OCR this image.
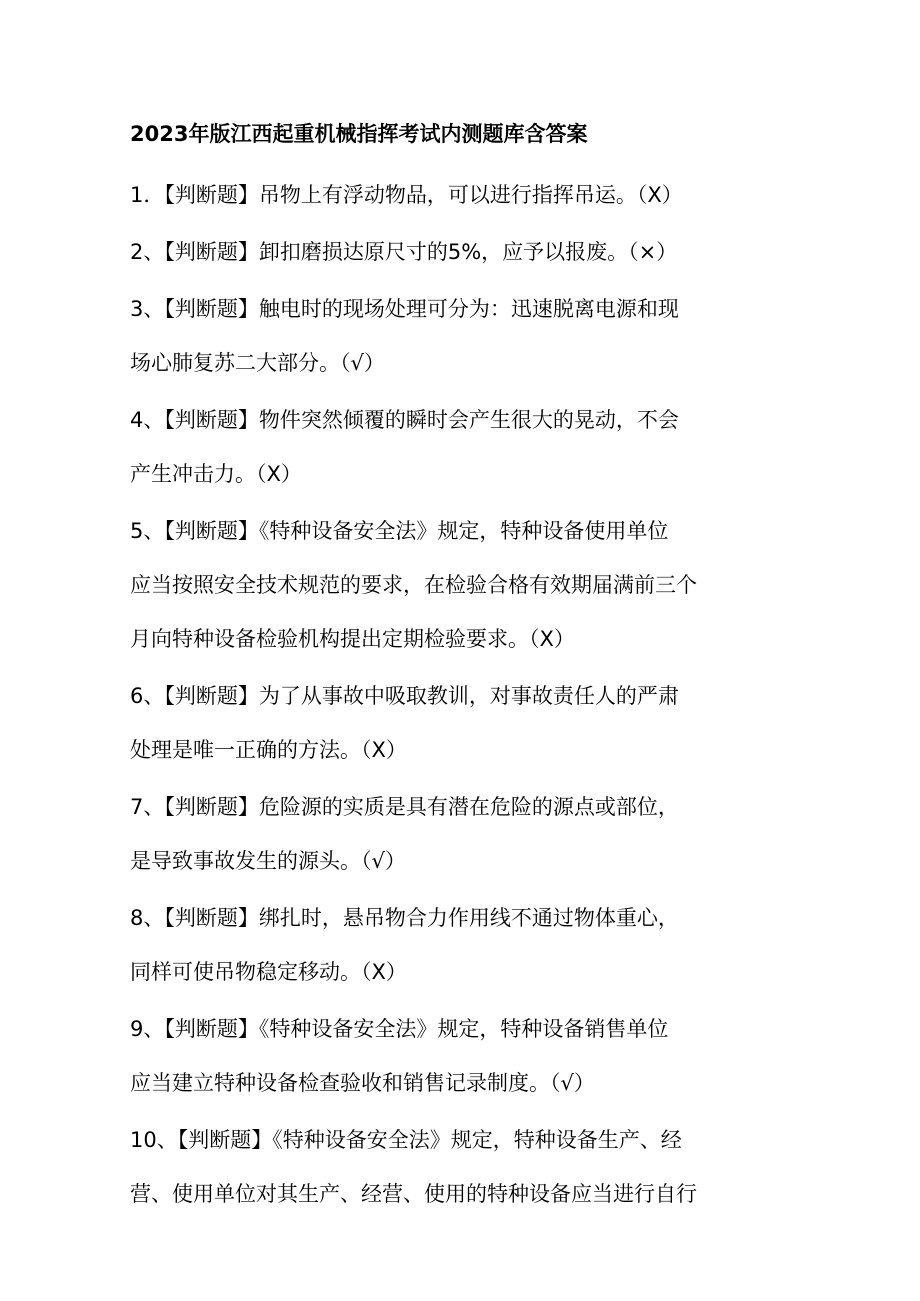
2023年版江西起重机械指挥考试内测题库含答案

1．【判断题】吊物上有浮动物品，可以进行指挥吊运。（X）

2、【判断题】卸扣磨损达原尺寸的5%，应予以报废。（×）

3、【判断题】触电时的现场处理可分为：迅速脱离电源和现
场心肺复苏二大部分。（√）

4、【判断题】物件突然倾覆的瞬时会产生很大的晃动，不会
产生冲击力。（X）

5、【判断题】《特种设备安全法》规定，特种设备使用单位
应当按照安全技术规范的要求，在检验合格有效期届满前三个
月向特种设备检验机构提出定期检验要求。（X）

6、【判断题】为了从事故中吸取教训，对事故责任人的严肃
处理是唯一正确的方法。（X）

7、【判断题】危险源的实质是具有潜在危险的源点或部位，
是导致事故发生的源头。（√）

8、【判断题】绑扎时，悬吊物合力作用线不通过物体重心，
同样可使吊物稳定移动。（X）

9、【判断题】《特种设备安全法》规定，特种设备销售单位
应当建立特种设备检查验收和销售记录制度。（√）

10、【判断题】《特种设备安全法》规定，特种设备生产、经
营、使用单位对其生产、经营、使用的特种设备应当进行自行
